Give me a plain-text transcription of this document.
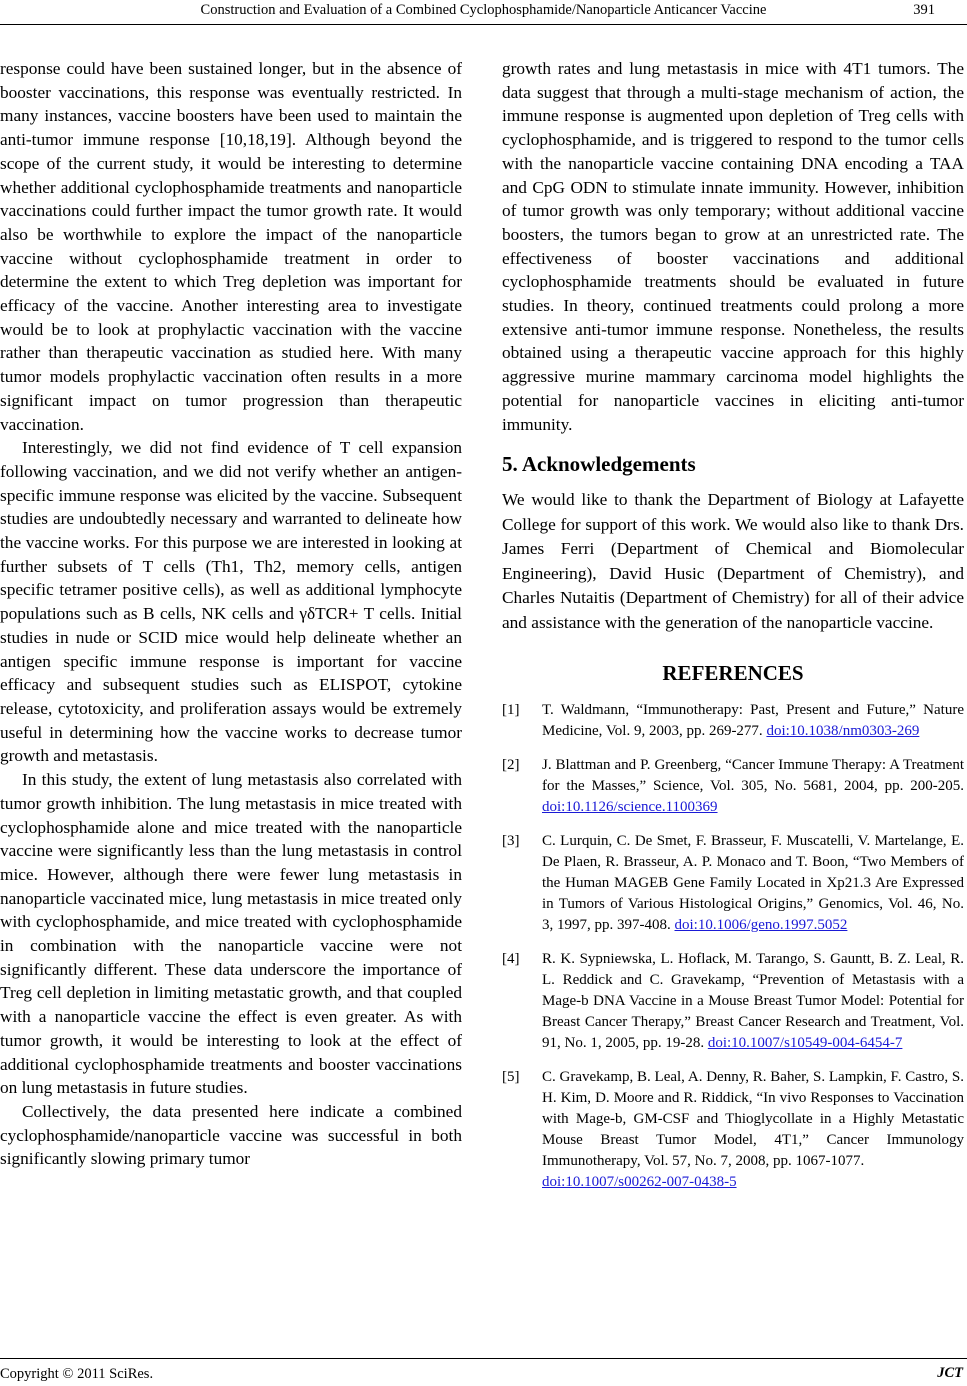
Construction and Evaluation of a Combined Cyclophosphamide/Nanoparticle Anticancer Vaccine	391

response could have been sustained longer, but in the absence of booster vaccinations, this response was eventually restricted. In many instances, vaccine boosters have been used to maintain the anti-tumor immune response [10,18,19]. Although beyond the scope of the current study, it would be interesting to determine whether additional cyclophosphamide treatments and nanoparticle vaccinations could further impact the tumor growth rate. It would also be worthwhile to explore the impact of the nanoparticle vaccine without cyclophosphamide treatment in order to determine the extent to which Treg depletion was important for efficacy of the vaccine. Another interesting area to investigate would be to look at prophylactic vaccination with the vaccine rather than therapeutic vaccination as studied here. With many tumor models prophylactic vaccination often results in a more significant impact on tumor progression than therapeutic vaccination.

Interestingly, we did not find evidence of T cell expansion following vaccination, and we did not verify whether an antigen-specific immune response was elicited by the vaccine. Subsequent studies are undoubtedly necessary and warranted to delineate how the vaccine works. For this purpose we are interested in looking at further subsets of T cells (Th1, Th2, memory cells, antigen specific tetramer positive cells), as well as additional lymphocyte populations such as B cells, NK cells and γδTCR+ T cells. Initial studies in nude or SCID mice would help delineate whether an antigen specific immune response is important for vaccine efficacy and subsequent studies such as ELISPOT, cytokine release, cytotoxicity, and proliferation assays would be extremely useful in determining how the vaccine works to decrease tumor growth and metastasis.

In this study, the extent of lung metastasis also correlated with tumor growth inhibition. The lung metastasis in mice treated with cyclophosphamide alone and mice treated with the nanoparticle vaccine were significantly less than the lung metastasis in control mice. However, although there were fewer lung metastasis in nanoparticle vaccinated mice, lung metastasis in mice treated only with cyclophosphamide, and mice treated with cyclophosphamide in combination with the nanoparticle vaccine were not significantly different. These data underscore the importance of Treg cell depletion in limiting metastatic growth, and that coupled with a nanoparticle vaccine the effect is even greater. As with tumor growth, it would be interesting to look at the effect of additional cyclophosphamide treatments and booster vaccinations on lung metastasis in future studies.

Collectively, the data presented here indicate a combined cyclophosphamide/nanoparticle vaccine was successful in both significantly slowing primary tumor

growth rates and lung metastasis in mice with 4T1 tumors. The data suggest that through a multi-stage mechanism of action, the immune response is augmented upon depletion of Treg cells with cyclophosphamide, and is triggered to respond to the tumor cells with the nanoparticle vaccine containing DNA encoding a TAA and CpG ODN to stimulate innate immunity. However, inhibition of tumor growth was only temporary; without additional vaccine boosters, the tumors began to grow at an unrestricted rate. The effectiveness of booster vaccinations and additional cyclophosphamide treatments should be evaluated in future studies. In theory, continued treatments could prolong a more extensive anti-tumor immune response. Nonetheless, the results obtained using a therapeutic vaccine approach for this highly aggressive murine mammary carcinoma model highlights the potential for nanoparticle vaccines in eliciting anti-tumor immunity.

5. Acknowledgements

We would like to thank the Department of Biology at Lafayette College for support of this work. We would also like to thank Drs. James Ferri (Department of Chemical and Biomolecular Engineering), David Husic (Department of Chemistry), and Charles Nutaitis (Department of Chemistry) for all of their advice and assistance with the generation of the nanoparticle vaccine.

REFERENCES
[1]	T. Waldmann, “Immunotherapy: Past, Present and Future,” Nature Medicine, Vol. 9, 2003, pp. 269-277. doi:10.1038/nm0303-269
[2]	J. Blattman and P. Greenberg, “Cancer Immune Therapy: A Treatment for the Masses,” Science, Vol. 305, No. 5681, 2004, pp. 200-205. doi:10.1126/science.1100369
[3]	C. Lurquin, C. De Smet, F. Brasseur, F. Muscatelli, V. Martelange, E. De Plaen, R. Brasseur, A. P. Monaco and T. Boon, “Two Members of the Human MAGEB Gene Family Located in Xp21.3 Are Expressed in Tumors of Various Histological Origins,” Genomics, Vol. 46, No. 3, 1997, pp. 397-408. doi:10.1006/geno.1997.5052
[4]	R. K. Sypniewska, L. Hoflack, M. Tarango, S. Gauntt, B. Z. Leal, R. L. Reddick and C. Gravekamp, “Prevention of Metastasis with a Mage-b DNA Vaccine in a Mouse Breast Tumor Model: Potential for Breast Cancer Therapy,” Breast Cancer Research and Treatment, Vol. 91, No. 1, 2005, pp. 19-28. doi:10.1007/s10549-004-6454-7
[5]	C. Gravekamp, B. Leal, A. Denny, R. Baher, S. Lampkin, F. Castro, S. H. Kim, D. Moore and R. Riddick, “In vivo Responses to Vaccination with Mage-b, GM-CSF and Thioglycollate in a Highly Metastatic Mouse Breast Tumor Model, 4T1,” Cancer Immunology Immunotherapy, Vol. 57, No. 7, 2008, pp. 1067-1077.
doi:10.1007/s00262-007-0438-5
Copyright © 2011 SciRes.	JCT
